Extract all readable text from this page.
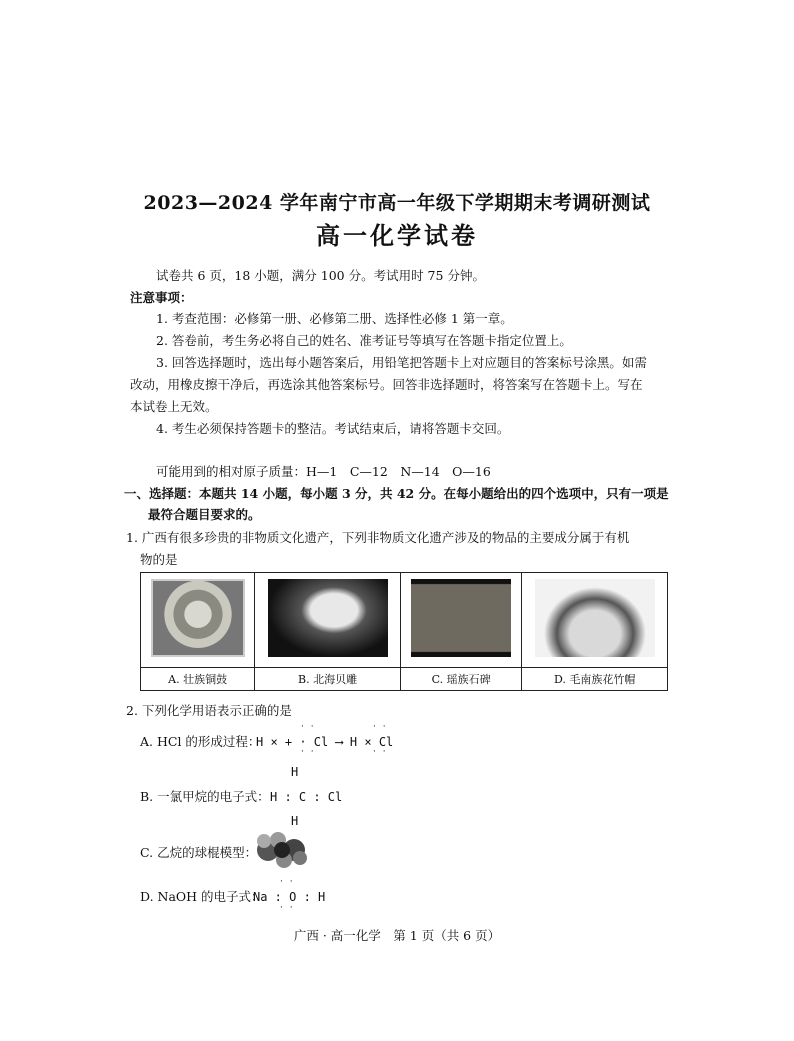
2023—2024 学年南宁市高一年级下学期期末考调研测试
高一化学试卷
试卷共 6 页，18 小题，满分 100 分。考试用时 75 分钟。
注意事项：
1. 考查范围：必修第一册、必修第二册、选择性必修 1 第一章。
2. 答卷前，考生务必将自己的姓名、准考证号等填写在答题卡指定位置上。
3. 回答选择题时，选出每小题答案后，用铅笔把答题卡上对应题目的答案标号涂黑。如需
改动，用橡皮擦干净后，再选涂其他答案标号。回答非选择题时，将答案写在答题卡上。写在
本试卷上无效。
4. 考生必须保持答题卡的整洁。考试结束后，请将答题卡交回。
可能用到的相对原子质量：H—1　C—12　N—14　O—16
一、选择题：本题共 14 小题，每小题 3 分，共 42 分。在每小题给出的四个选项中，只有一项是
最符合题目要求的。
1. 广西有很多珍贵的非物质文化遗产，下列非物质文化遗产涉及的物品的主要成分属于有机
物的是

A. 壮族铜鼓	B. 北海贝雕	C. 瑶族石碑	D. 毛南族花竹帽
2. 下列化学用语表示正确的是
A. HCl 的形成过程：
H × + · Cl ⟶ H × Cl
· ·
· ·
· ·
· ·
H
B. 一氯甲烷的电子式： H : C : Cl
H
C. 乙烷的球棍模型：
D. NaOH 的电子式：
Na : O : H
· ·
· ·
广西 · 高一化学　第 1 页（共 6 页）
